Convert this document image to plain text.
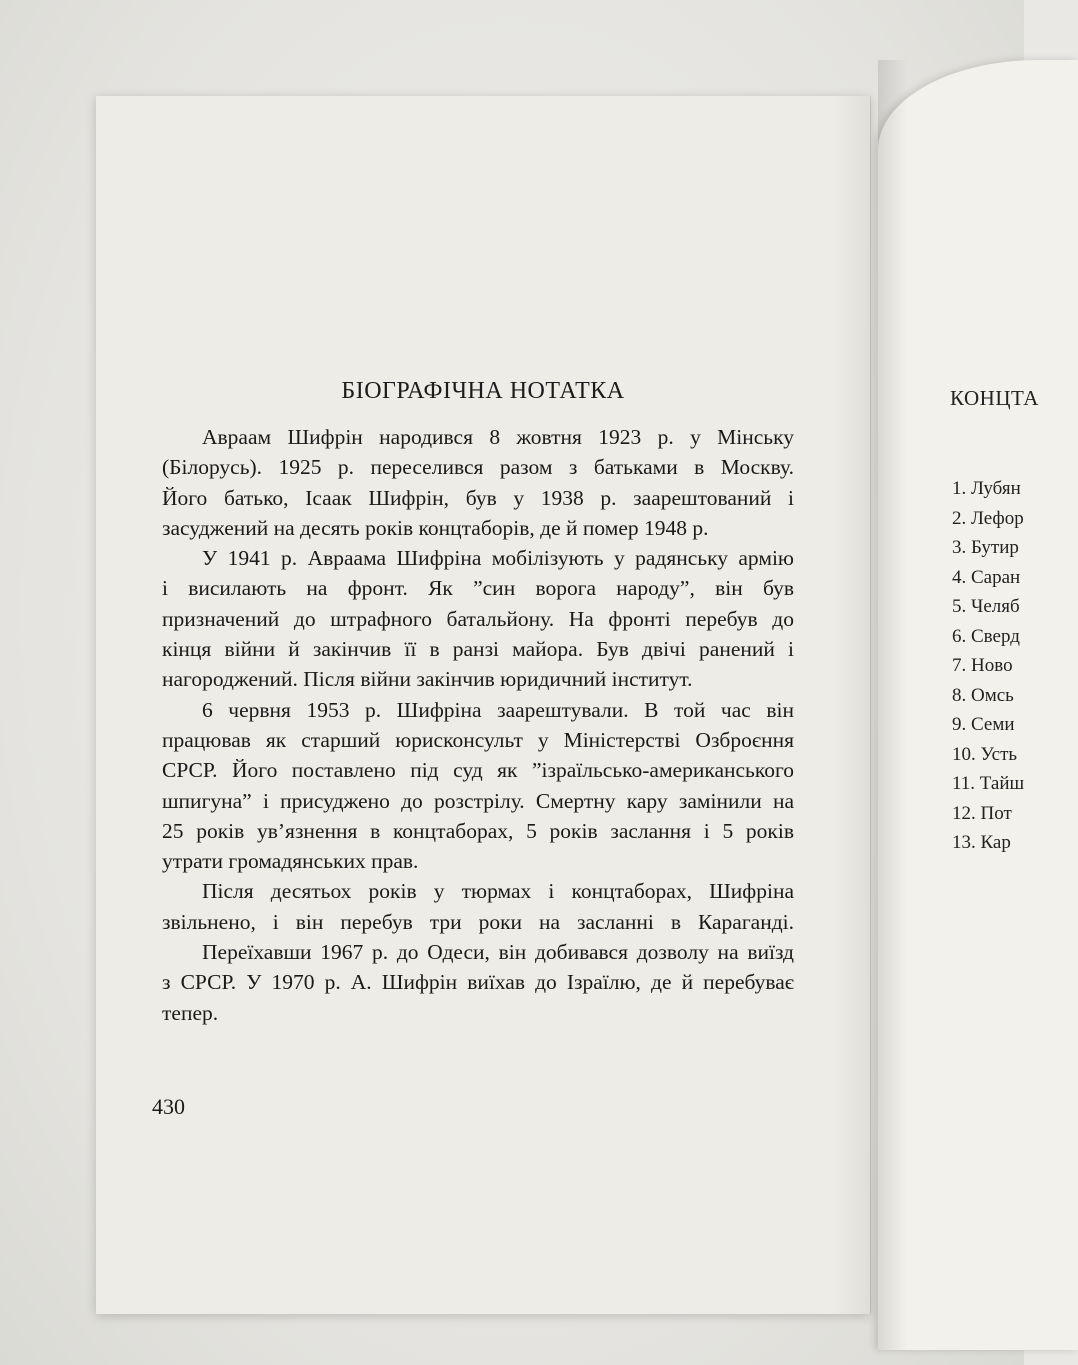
БІОГРАФІЧНА НОТАТКА

Авраам Шифрін народився 8 жовтня 1923 р. у Мінську
(Білорусь). 1925 р. переселився разом з батьками в Москву.
Його батько, Ісаак Шифрін, був у 1938 р. заарештований і
засуджений на десять років концтаборів, де й помер 1948 р.

У 1941 р. Авраама Шифріна мобілізують у радянську армію
і висилають на фронт. Як ”син ворога народу”, він був
призначений до штрафного батальйону. На фронті перебув до
кінця війни й закінчив її в ранзі майора. Був двічі ранений і
нагороджений. Після війни закінчив юридичний інститут.

6 червня 1953 р. Шифріна заарештували. В той час він
працював як старший юрисконсульт у Міністерстві Озброєння
СРСР. Його поставлено під суд як ”ізраїльсько-американського
шпигуна” і присуджено до розстрілу. Смертну кару замінили на
25 років ув’язнення в концтаборах, 5 років заслання і 5 років
утрати громадянських прав.

Після десятьох років у тюрмах і концтаборах, Шифріна
звільнено, і він перебув три роки на засланні в Караганді.

Переїхавши 1967 р. до Одеси, він добивався дозволу на виїзд
з СРСР. У 1970 р. А. Шифрін виїхав до Ізраїлю, де й перебуває
тепер.

430
КОНЦТА
1. Лубян
2. Лефор
3. Бутир
4. Саран
5. Челяб
6. Сверд
7. Ново
8. Омсь
9. Семи
10. Усть
11. Тайш
12. Пот
13. Кар
